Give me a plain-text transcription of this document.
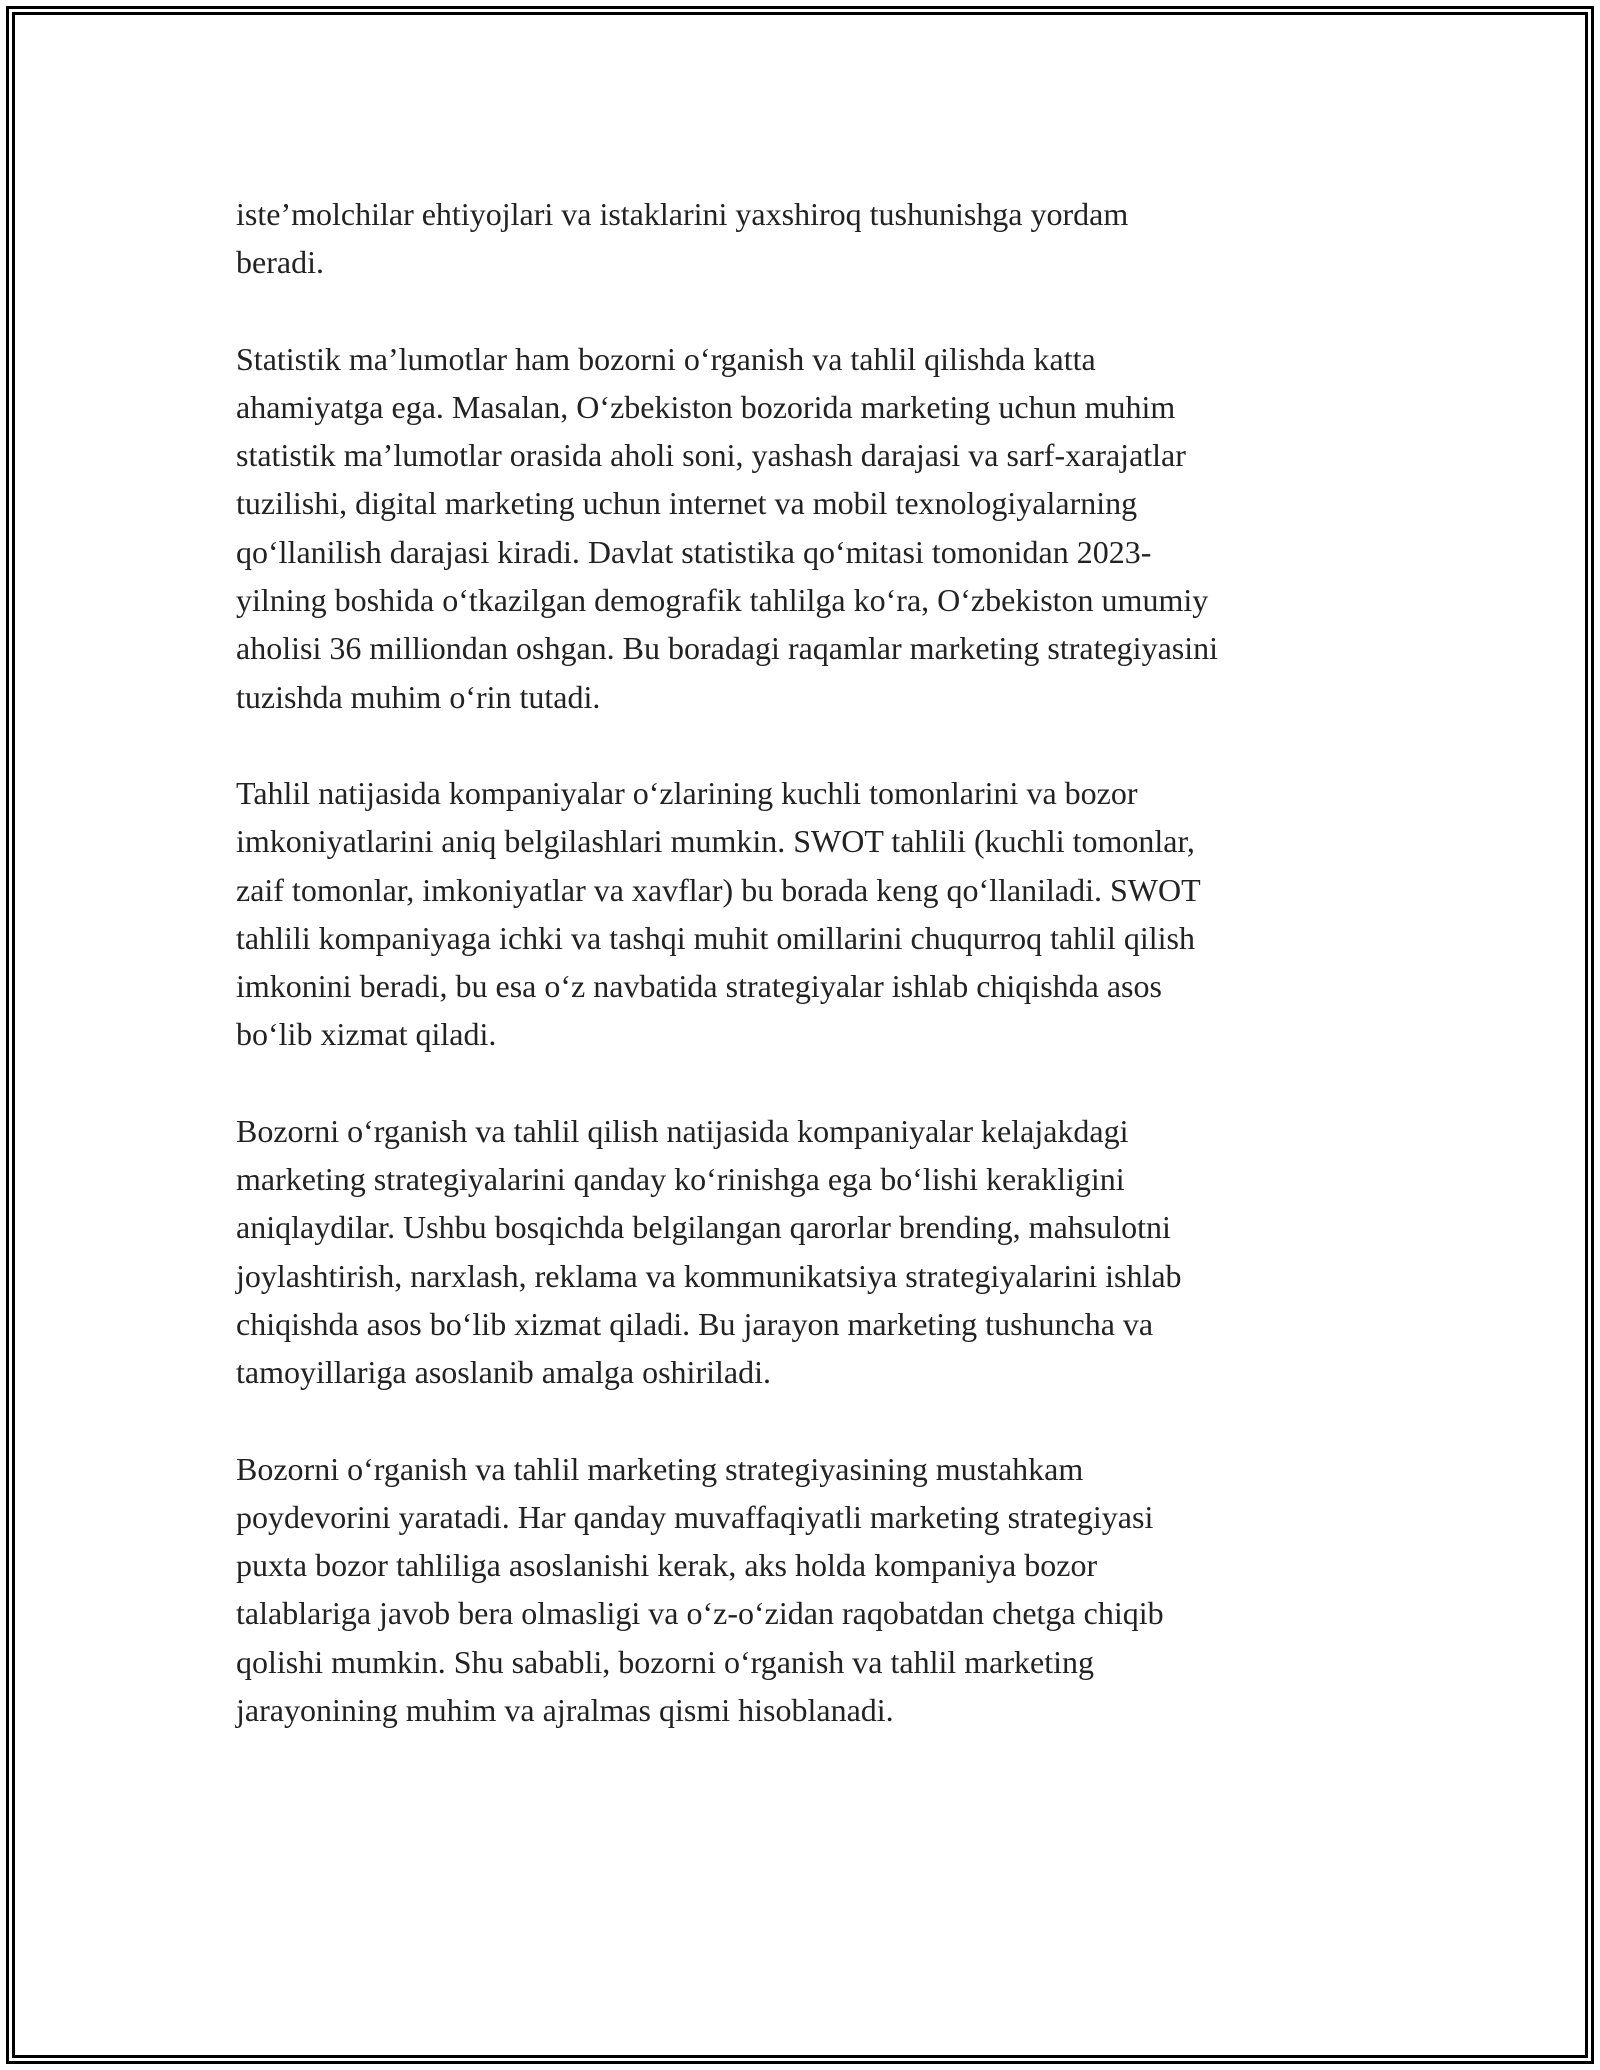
iste’molchilar ehtiyojlari va istaklarini yaxshiroq tushunishga yordam
beradi.

Statistik ma’lumotlar ham bozorni oʻrganish va tahlil qilishda katta
ahamiyatga ega. Masalan, Oʻzbekiston bozorida marketing uchun muhim
statistik ma’lumotlar orasida aholi soni, yashash darajasi va sarf-xarajatlar
tuzilishi, digital marketing uchun internet va mobil texnologiyalarning
qoʻllanilish darajasi kiradi. Davlat statistika qoʻmitasi tomonidan 2023-
yilning boshida oʻtkazilgan demografik tahlilga koʻra, Oʻzbekiston umumiy
aholisi 36 milliondan oshgan. Bu boradagi raqamlar marketing strategiyasini
tuzishda muhim oʻrin tutadi.

Tahlil natijasida kompaniyalar oʻzlarining kuchli tomonlarini va bozor
imkoniyatlarini aniq belgilashlari mumkin. SWOT tahlili (kuchli tomonlar,
zaif tomonlar, imkoniyatlar va xavflar) bu borada keng qoʻllaniladi. SWOT
tahlili kompaniyaga ichki va tashqi muhit omillarini chuqurroq tahlil qilish
imkonini beradi, bu esa oʻz navbatida strategiyalar ishlab chiqishda asos
boʻlib xizmat qiladi.

Bozorni oʻrganish va tahlil qilish natijasida kompaniyalar kelajakdagi
marketing strategiyalarini qanday koʻrinishga ega boʻlishi kerakligini
aniqlaydilar. Ushbu bosqichda belgilangan qarorlar brending, mahsulotni
joylashtirish, narxlash, reklama va kommunikatsiya strategiyalarini ishlab
chiqishda asos boʻlib xizmat qiladi. Bu jarayon marketing tushuncha va
tamoyillariga asoslanib amalga oshiriladi.

Bozorni oʻrganish va tahlil marketing strategiyasining mustahkam
poydevorini yaratadi. Har qanday muvaffaqiyatli marketing strategiyasi
puxta bozor tahliliga asoslanishi kerak, aks holda kompaniya bozor
talablariga javob bera olmasligi va oʻz-oʻzidan raqobatdan chetga chiqib
qolishi mumkin. Shu sababli, bozorni oʻrganish va tahlil marketing
jarayonining muhim va ajralmas qismi hisoblanadi.
